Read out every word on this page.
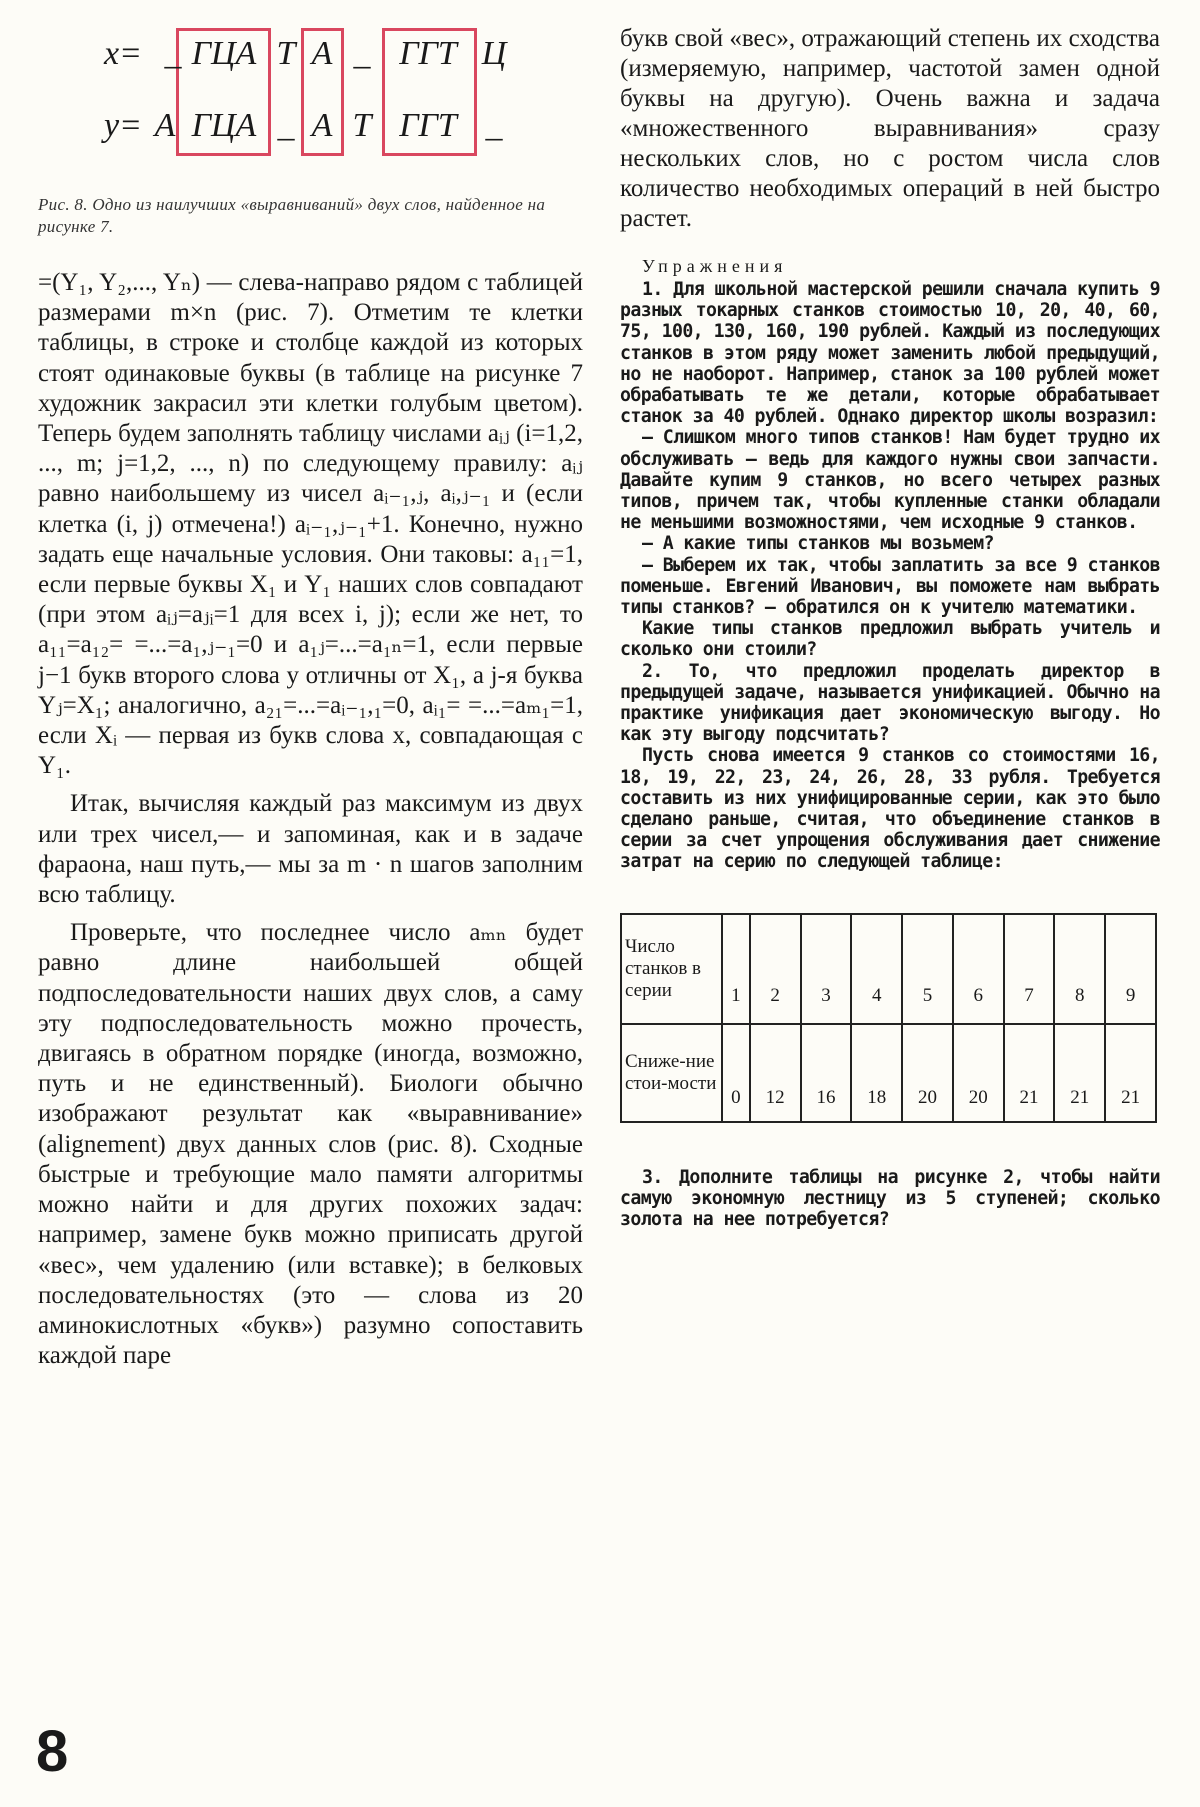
x= _ ГЦА Т А _ ГГТ Ц
y= А ГЦА _ А Т ГГТ _
Рис. 8. Одно из наилучших «выравниваний» двух слов, найденное на рисунке 7.

=(Y₁, Y₂,..., Yₙ) — слева-направо рядом с таблицей размерами m×n (рис. 7). Отметим те клетки таблицы, в строке и столбце каждой из которых стоят одинаковые буквы (в таблице на рисунке 7 художник закрасил эти клетки голубым цветом). Теперь будем заполнять таблицу числами aᵢⱼ (i=1,2, ..., m; j=1,2, ..., n) по следующему правилу: aᵢⱼ равно наибольшему из чисел aᵢ₋₁,ⱼ, aᵢ,ⱼ₋₁ и (если клетка (i, j) отмечена!) aᵢ₋₁,ⱼ₋₁+1. Конечно, нужно задать еще начальные условия. Они таковы: a₁₁=1, если первые буквы X₁ и Y₁ наших слов совпадают (при этом aᵢⱼ=aⱼᵢ=1 для всех i, j); если же нет, то a₁₁=a₁₂= =...=a₁,ⱼ₋₁=0 и a₁ⱼ=...=a₁ₙ=1, если первые j−1 букв второго слова y отличны от X₁, а j-я буква Yⱼ=X₁; аналогично, a₂₁=...=aᵢ₋₁,₁=0, aᵢ₁= =...=aₘ₁=1, если Xᵢ — первая из букв слова x, совпадающая с Y₁.

Итак, вычисляя каждый раз максимум из двух или трех чисел,— и запоминая, как и в задаче фараона, наш путь,— мы за m · n шагов заполним всю таблицу.

Проверьте, что последнее число aₘₙ будет равно длине наибольшей общей подпоследовательности наших двух слов, а саму эту подпоследовательность можно прочесть, двигаясь в обратном порядке (иногда, возможно, путь и не единственный). Биологи обычно изображают результат как «выравнивание» (alignement) двух данных слов (рис. 8). Сходные быстрые и требующие мало памяти алгоритмы можно найти и для других похожих задач: например, замене букв можно приписать другой «вес», чем удалению (или вставке); в белковых последовательностях (это — слова из 20 аминокислотных «букв») разумно сопоставить каждой паре

букв свой «вес», отражающий степень их сходства (измеряемую, например, частотой замен одной буквы на другую). Очень важна и задача «множественного выравнивания» сразу нескольких слов, но с ростом числа слов количество необходимых операций в ней быстро растет.

Упражнения

1. Для школьной мастерской решили сначала купить 9 разных токарных станков стоимостью 10, 20, 40, 60, 75, 100, 130, 160, 190 рублей. Каждый из последующих станков в этом ряду может заменить любой предыдущий, но не наоборот. Например, станок за 100 рублей может обрабатывать те же детали, которые обрабатывает станок за 40 рублей. Однако директор школы возразил:

— Слишком много типов станков! Нам будет трудно их обслуживать — ведь для каждого нужны свои запчасти. Давайте купим 9 станков, но всего четырех разных типов, причем так, чтобы купленные станки обладали не меньшими возможностями, чем исходные 9 станков.

— А какие типы станков мы возьмем?

— Выберем их так, чтобы заплатить за все 9 станков поменьше. Евгений Иванович, вы поможете нам выбрать типы станков? — обратился он к учителю математики.

Какие типы станков предложил выбрать учитель и сколько они стоили?

2. То, что предложил проделать директор в предыдущей задаче, называется унификацией. Обычно на практике унификация дает экономическую выгоду. Но как эту выгоду подсчитать?

Пусть снова имеется 9 станков со стоимостями 16, 18, 19, 22, 23, 24, 26, 28, 33 рубля. Требуется составить из них унифицированные серии, как это было сделано раньше, считая, что объединение станков в серии за счет упрощения обслуживания дает снижение затрат на серию по следующей таблице:

Число станков в серии	1	2	3	4	5	6	7	8	9
Сниже-ние стои-мости	0	12	16	18	20	20	21	21	21

3. Дополните таблицы на рисунке 2, чтобы найти самую экономную лестницу из 5 ступеней; сколько золота на нее потребуется?

8
